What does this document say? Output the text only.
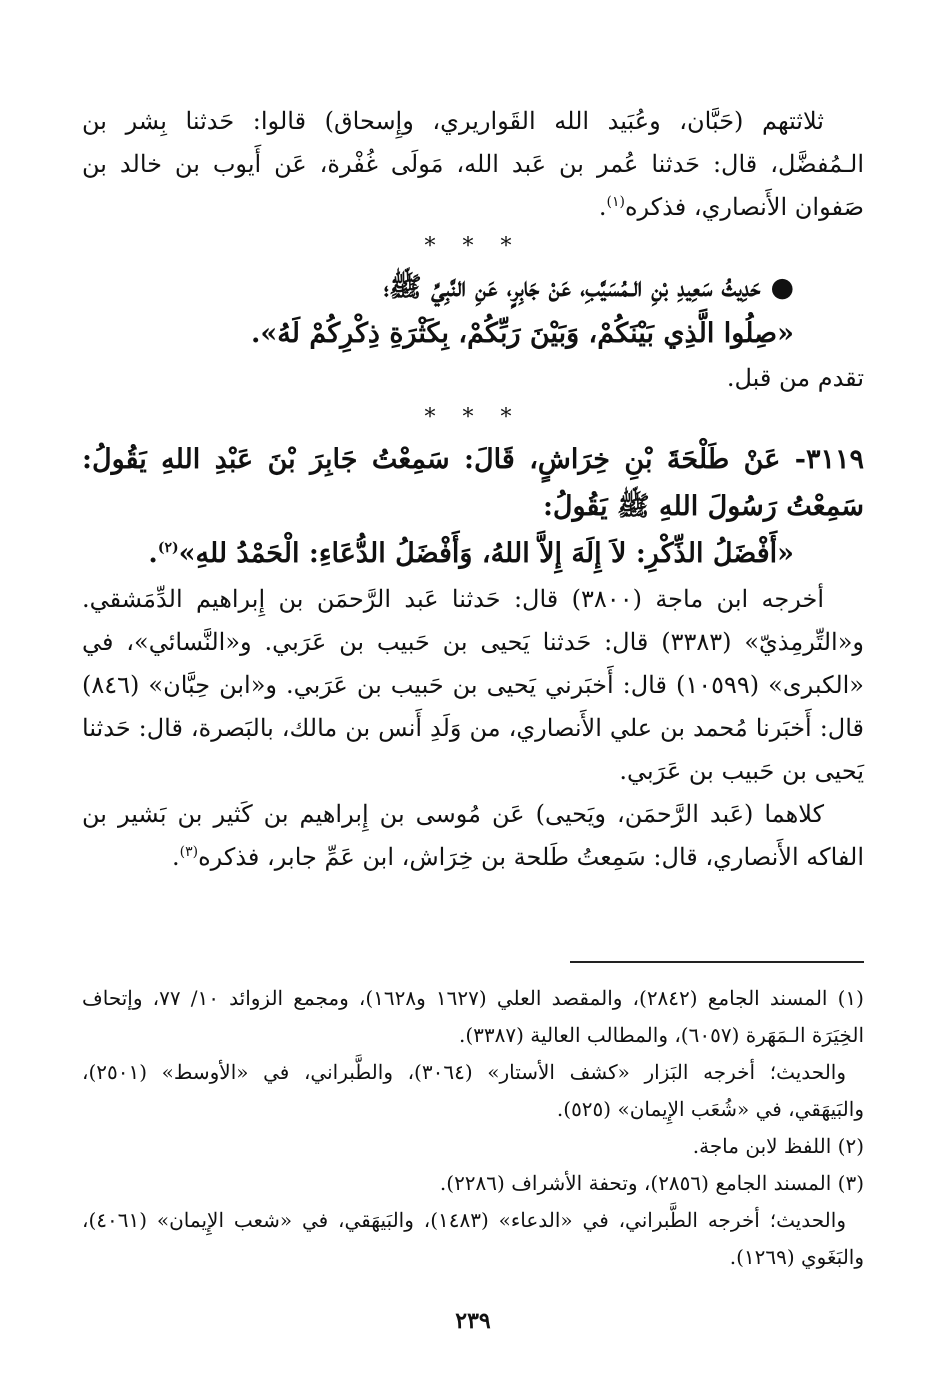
ثلاثتهم (حَبَّان، وعُبَيد الله القَواريري، وإِسحاق) قالوا: حَدثنا بِشر بن الـمُفضَّل، قال: حَدثنا عُمر بن عَبد الله، مَولَى غُفْرة، عَن أَيوب بن خالد بن صَفوان الأَنصاري، فذكره$^{(١)}$.

* * *

●حَدِيثُ سَعِيدِ بْنِ الـمُسَيَّبِ، عَنْ جَابِرٍ، عَنِ النَّبِيِّ ﷺ؛

«صِلُوا الَّذِي بَيْنَكُمْ، وَبَيْنَ رَبِّكُمْ، بِكَثْرَةِ ذِكْرِكُمْ لَهُ».

تقدم من قبل.

* * *

٣١١٩- عَنْ طَلْحَةَ بْنِ خِرَاشٍ، قَالَ: سَمِعْتُ جَابِرَ بْنَ عَبْدِ اللهِ يَقُولُ: سَمِعْتُ رَسُولَ اللهِ ﷺ يَقُولُ:

«أَفْضَلُ الذِّكْرِ: لاَ إِلَهَ إِلاَّ اللهُ، وَأَفْضَلُ الدُّعَاءِ: الْحَمْدُ للهِ»$^{(٢)}$.

أخرجه ابن ماجة (٣٨٠٠) قال: حَدثنا عَبد الرَّحمَن بن إِبراهيم الدِّمَشقي. و«التِّرمِذيّ» (٣٣٨٣) قال: حَدثنا يَحيى بن حَبيب بن عَرَبي. و«النَّسائي»، في «الكبرى» (١٠٥٩٩) قال: أَخبَرني يَحيى بن حَبيب بن عَرَبي. و«ابن حِبَّان» (٨٤٦) قال: أَخبَرنا مُحمد بن علي الأَنصاري، من وَلَدِ أَنس بن مالك، بالبَصرة، قال: حَدثنا يَحيى بن حَبيب بن عَرَبي.

كلاهما (عَبد الرَّحمَن، ويَحيى) عَن مُوسى بن إِبراهيم بن كَثير بن بَشير بن الفاكه الأَنصاري، قال: سَمِعتُ طَلحة بن خِرَاش، ابن عَمِّ جابر، فذكره$^{(٣)}$.

(١) المسند الجامع (٢٨٤٢)، والمقصد العلي (١٦٢٧ و١٦٢٨)، ومجمع الزوائد ١٠/ ٧٧، وإتحاف الخِيَرَة الـمَهَرة (٦٠٥٧)، والمطالب العالية (٣٣٨٧).

والحديث؛ أخرجه البَزار «كشف الأستار» (٣٠٦٤)، والطَّبراني، في «الأوسط» (٢٥٠١)، والبَيهَقي، في «شُعَب الإِيمان» (٥٢٥).

(٢) اللفظ لابن ماجة.

(٣) المسند الجامع (٢٨٥٦)، وتحفة الأشراف (٢٢٨٦).

والحديث؛ أخرجه الطَّبراني، في «الدعاء» (١٤٨٣)، والبَيهَقي، في «شعب الإِيمان» (٤٠٦١)، والبَغَوي (١٢٦٩).

٢٣٩
